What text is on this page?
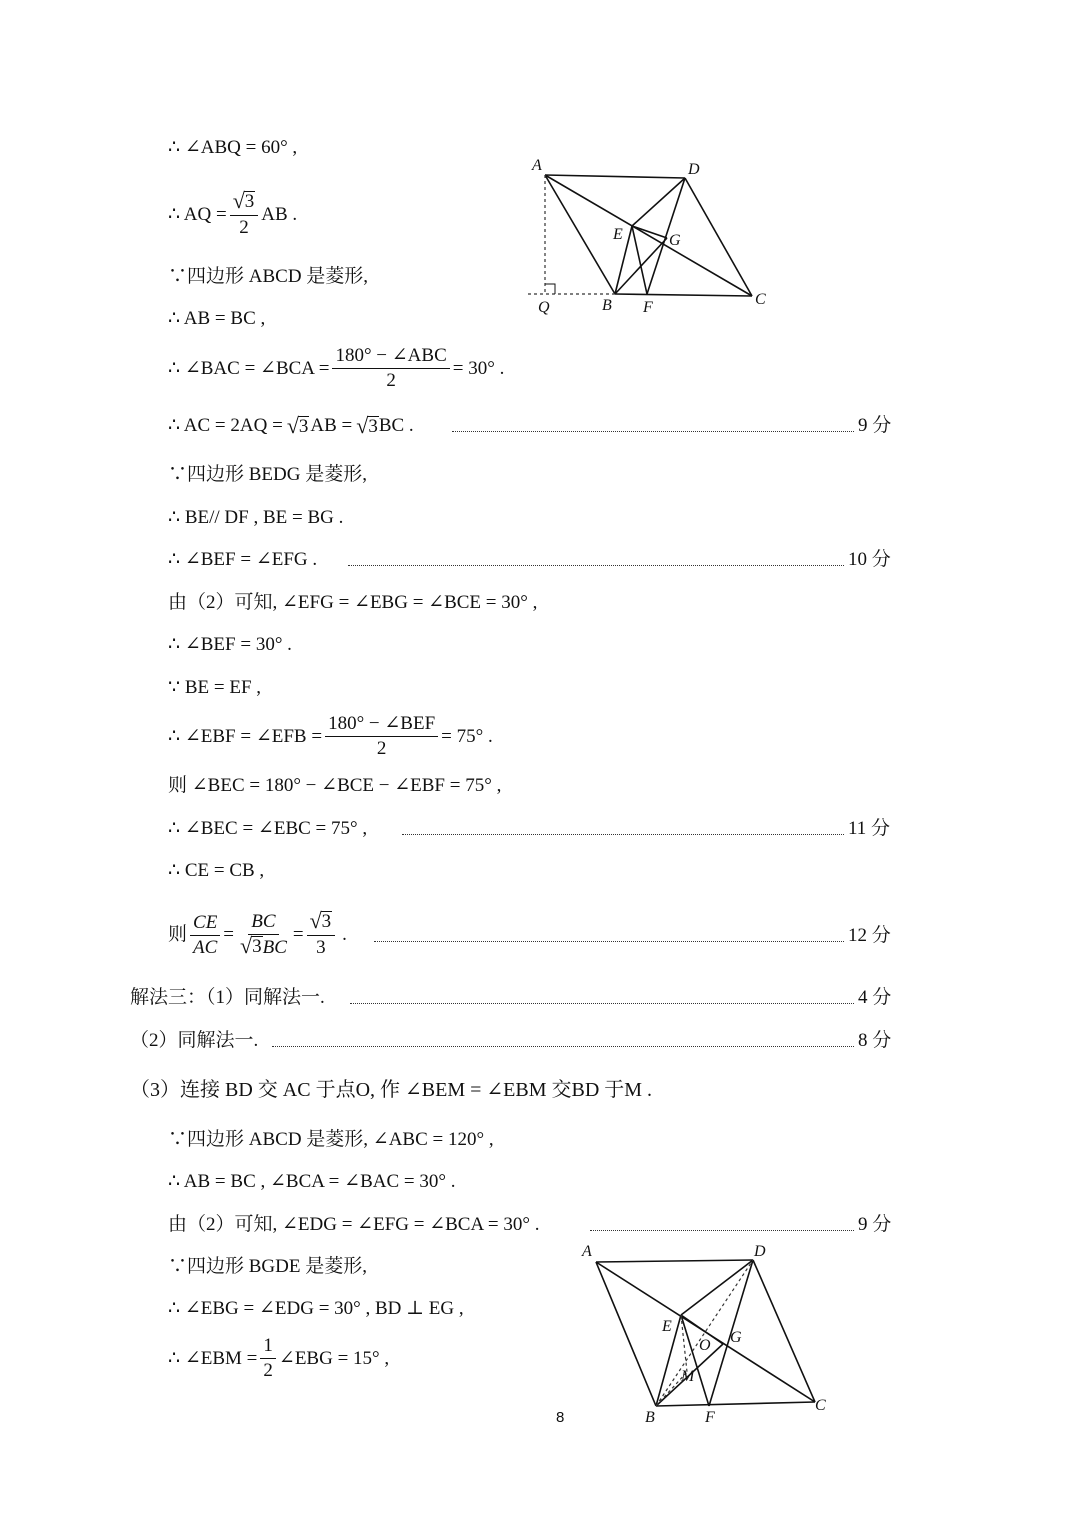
∴ ∠ABQ = 60° ,
∴ AQ = $\frac{√ 3}{2}$ AB .
∵四边形 ABCD 是菱形,
∴ AB = BC ,
∴ ∠BAC = ∠BCA = $\frac{\text{180° − ∠ABC}}{2} = 30^\circ$ .
∴ AC = 2AQ = √ 3 AB = √ 3 BC .	9 分
∵四边形 BEDG 是菱形,
∴ BE// DF , BE = BG .
∴ ∠BEF = ∠EFG .	10 分
由（2）可知, ∠EFG = ∠EBG = ∠BCE = 30° ,
∴ ∠BEF = 30° .
∵ BE = EF ,
∴ ∠EBF = ∠EFB = $\frac{\text{180° − ∠BEF}}{2} = 75^\circ$ .
则 ∠BEC = 180° − ∠BCE − ∠EBF = 75° ,
∴ ∠BEC = ∠EBC = 75° ,	11 分
∴ CE = CB ,
则 $\frac{CE}{AC} = \frac{BC}{√ 3 BC} = \frac{√ 3}{3}$ .	12 分
解法三：（1）同解法一.	4 分
（2）同解法一.	8 分
（3）连接 BD 交 AC 于点O, 作 ∠BEM = ∠EBM 交BD 于M .
∵四边形 ABCD 是菱形, ∠ABC = 120° ,
∴ AB = BC , ∠BCA = ∠BAC = 30° .
由（2）可知, ∠EDG = ∠EFG = ∠BCA = 30° .	9 分
∵四边形 BGDE 是菱形,
∴ ∠EBG = ∠EDG = 30° , BD ⊥ EG ,
∴ ∠EBM = $\frac{1}{2}$ ∠EBG = 15° ,
A	D
E	G
Q	B F	C
A	D
E
O G
M
B	F
C
8
